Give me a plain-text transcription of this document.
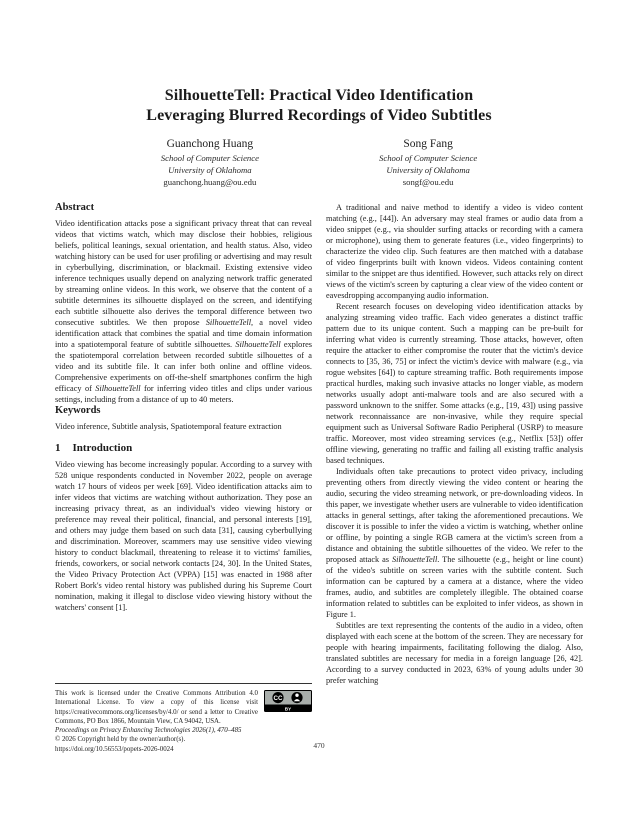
SilhouetteTell: Practical Video Identification
Leveraging Blurred Recordings of Video Subtitles
Guanchong Huang
School of Computer Science
University of Oklahoma
guanchong.huang@ou.edu
Song Fang
School of Computer Science
University of Oklahoma
songf@ou.edu
Abstract

Video identification attacks pose a significant privacy threat that can reveal videos that victims watch, which may disclose their hobbies, religious beliefs, political leanings, sexual orientation, and health status. Also, video watching history can be used for user profiling or advertising and may result in cyberbullying, discrimination, or blackmail. Existing extensive video inference techniques usually depend on analyzing network traffic generated by streaming online videos. In this work, we observe that the content of a subtitle determines its silhouette displayed on the screen, and identifying each subtitle silhouette also derives the temporal difference between two consecutive subtitles. We then propose SilhouetteTell, a novel video identification attack that combines the spatial and time domain information into a spatiotemporal feature of subtitle silhouettes. SilhouetteTell explores the spatiotemporal correlation between recorded subtitle silhouettes of a video and its subtitle file. It can infer both online and offline videos. Comprehensive experiments on off-the-shelf smartphones confirm the high efficacy of SilhouetteTell for inferring video titles and clips under various settings, including from a distance of up to 40 meters.

Keywords

Video inference, Subtitle analysis, Spatiotemporal feature extraction

1 Introduction

Video viewing has become increasingly popular. According to a survey with 528 unique respondents conducted in November 2022, people on average watch 17 hours of videos per week [69]. Video identification attacks aim to infer videos that victims are watching without authorization. They pose an increasing privacy threat, as an individual's video viewing history or preference may reveal their political, financial, and personal interests [19], and others may judge them based on such data [31], causing cyberbullying and discrimination. Moreover, scammers may use sensitive video viewing history to conduct blackmail, threatening to release it to victims' families, friends, coworkers, or social network contacts [24, 30]. In the United States, the Video Privacy Protection Act (VPPA) [15] was enacted in 1988 after Robert Bork's video rental history was published during his Supreme Court nomination, making it illegal to disclose video viewing history without the watchers' consent [1].

CC
BY

This work is licensed under the Creative Commons Attribution 4.0 International License. To view a copy of this license visit https://creativecommons.org/licenses/by/4.0/ or send a letter to Creative Commons, PO Box 1866, Mountain View, CA 94042, USA.

Proceedings on Privacy Enhancing Technologies 2026(1), 470–485

© 2026 Copyright held by the owner/author(s).

https://doi.org/10.56553/popets-2026-0024

A traditional and naive method to identify a video is video content matching (e.g., [44]). An adversary may steal frames or audio data from a video snippet (e.g., via shoulder surfing attacks or recording with a camera or microphone), using them to generate features (i.e., video fingerprints) to characterize the video clip. Such features are then matched with a database of video fingerprints built with known videos. Videos containing content similar to the snippet are thus identified. However, such attacks rely on direct views of the victim's screen by capturing a clear view of the video content or eavesdropping accompanying audio information.

Recent research focuses on developing video identification attacks by analyzing streaming video traffic. Each video generates a distinct traffic pattern due to its unique content. Such a mapping can be pre-built for inferring what video is currently streaming. Those attacks, however, often require the attacker to either compromise the router that the victim's device connects to [35, 36, 75] or infect the victim's device with malware (e.g., via rogue websites [64]) to capture streaming traffic. Both requirements impose practical hurdles, making such invasive attacks no longer viable, as modern networks usually adopt anti-malware tools and are also secured with a password unknown to the sniffer. Some attacks (e.g., [19, 43]) using passive network reconnaissance are non-invasive, while they require special equipment such as Universal Software Radio Peripheral (USRP) to measure traffic. Moreover, most video streaming services (e.g., Netflix [53]) offer offline viewing, generating no traffic and failing all existing traffic analysis based techniques.

Individuals often take precautions to protect video privacy, including preventing others from directly viewing the video content or hearing the audio, securing the video streaming network, or pre-downloading videos. In this paper, we investigate whether users are vulnerable to video identification attacks in general settings, after taking the aforementioned precautions. We discover it is possible to infer the video a victim is watching, whether online or offline, by pointing a single RGB camera at the victim's screen from a distance and obtaining the subtitle silhouettes of the video. We refer to the proposed attack as SilhouetteTell. The silhouette (e.g., height or line count) of the video's subtitle on screen varies with the subtitle content. Such information can be captured by a camera at a distance, where the video frames, audio, and subtitles are completely illegible. The obtained coarse information related to subtitles can be exploited to infer videos, as shown in Figure 1.

Subtitles are text representing the contents of the audio in a video, often displayed with each scene at the bottom of the screen. They are necessary for people with hearing impairments, facilitating following the dialog. Also, translated subtitles are necessary for media in a foreign language [26, 42]. According to a survey conducted in 2023, 63% of young adults under 30 prefer watching

470
